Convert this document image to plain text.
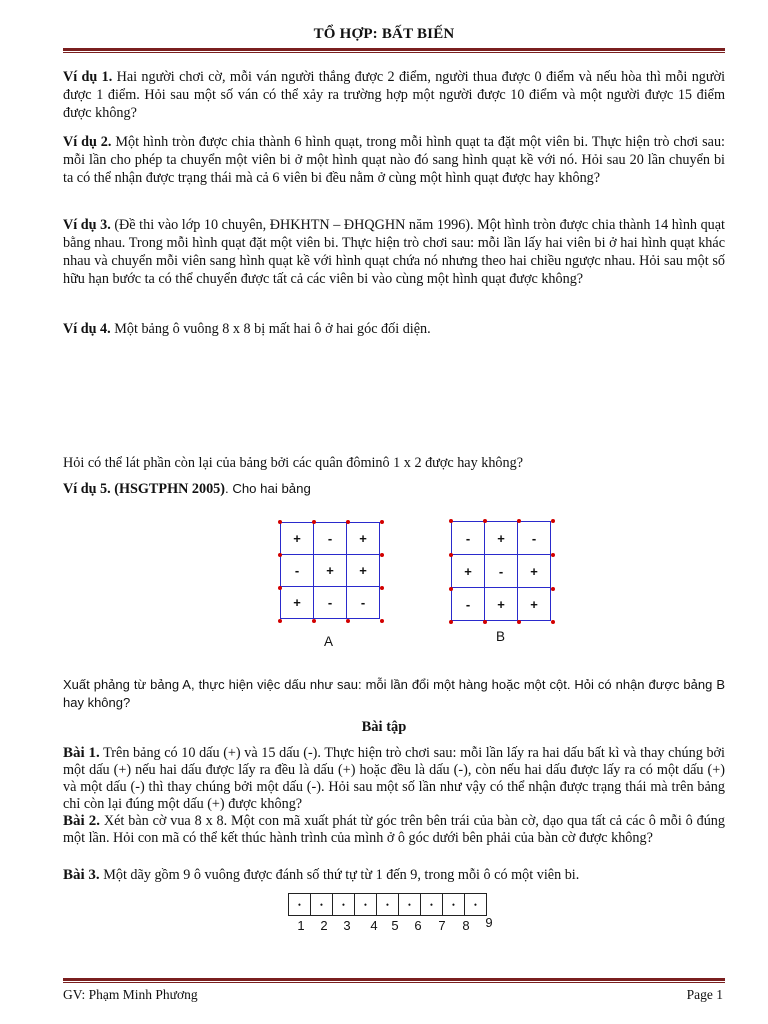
TỔ HỢP: BẤT BIẾN

Ví dụ 1. Hai người chơi cờ, mỗi ván người thắng được 2 điểm, người thua được 0 điểm và nếu hòa thì mỗi người được 1 điểm. Hỏi sau một số ván có thể xảy ra trường hợp một người được 10 điểm và một người được 15 điểm được không?

Ví dụ 2. Một hình tròn được chia thành 6 hình quạt, trong mỗi hình quạt ta đặt một viên bi. Thực hiện trò chơi sau: mỗi lần cho phép ta chuyển một viên bi ở một hình quạt nào đó sang hình quạt kề với nó. Hỏi sau 20 lần chuyển bi ta có thể nhận được trạng thái mà cả 6 viên bi đều nằm ở cùng một hình quạt được hay không?

Ví dụ 3. (Đề thi vào lớp 10 chuyên, ĐHKHTN – ĐHQGHN năm 1996). Một hình tròn được chia thành 14 hình quạt bằng nhau. Trong mỗi hình quạt đặt một viên bi. Thực hiện trò chơi sau: mỗi lần lấy hai viên bi ở hai hình quạt khác nhau và chuyển mỗi viên sang hình quạt kề với hình quạt chứa nó nhưng theo hai chiều ngược nhau. Hỏi sau một số hữu hạn bước ta có thể chuyển được tất cả các viên bi vào cùng một hình quạt được không?

Ví dụ 4. Một bảng ô vuông 8 x 8 bị mất hai ô ở hai góc đối diện.

Hỏi có thể lát phần còn lại của bảng bởi các quân đôminô 1 x 2 được hay không?

Ví dụ 5. (HSGTPHN 2005). Cho hai bảng

+	-	+
-	+	+
+	-	-
A
-	+	-
+	-	+
-	+	+
B

Xuất phảng từ bảng A, thực hiện việc dấu như sau: mỗi lần đổi một hàng hoặc một cột. Hỏi có nhận được bảng B hay không?

Bài tập

Bài 1. Trên bảng có 10 dấu (+) và 15 dấu (-). Thực hiện trò chơi sau: mỗi lần lấy ra hai dấu bất kì và thay chúng bởi một dấu (+) nếu hai dấu được lấy ra đều là dấu (+) hoặc đều là dấu (-), còn nếu hai dấu được lấy ra có một dấu (+) và một dấu (-) thì thay chúng bởi một dấu (-). Hỏi sau một số lần như vậy có thể nhận được trạng thái mà trên bảng chỉ còn lại đúng một dấu (+) được không?

Bài 2. Xét bàn cờ vua 8 x 8. Một con mã xuất phát từ góc trên bên trái của bàn cờ, dạo qua tất cả các ô mỗi ô đúng một lần. Hỏi con mã có thể kết thúc hành trình của mình ở ô góc dưới bên phải của bàn cờ được không?

Bài 3. Một dãy gồm 9 ô vuông được đánh số thứ tự từ 1 đến 9, trong mỗi ô có một viên bi.

•	•	•	•	•	•	•	•	•
1	2	3	4	5	6	7	8	9
GV: Phạm Minh Phương	Page 1
